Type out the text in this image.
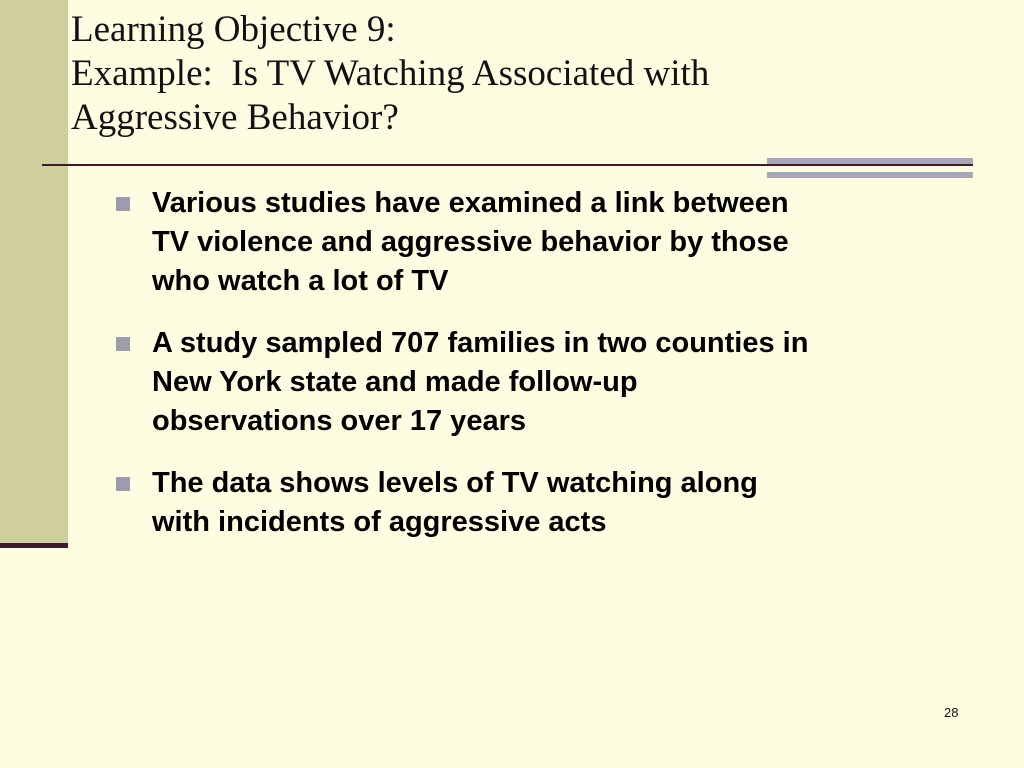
Learning Objective 9:
Example:  Is TV Watching Associated with
Aggressive Behavior?
Various studies have examined a link between
TV violence and aggressive behavior by those
who watch a lot of TV
A study sampled 707 families in two counties in
New York state and made follow-up
observations over 17 years
The data shows levels of TV watching along
with incidents of aggressive acts
28
